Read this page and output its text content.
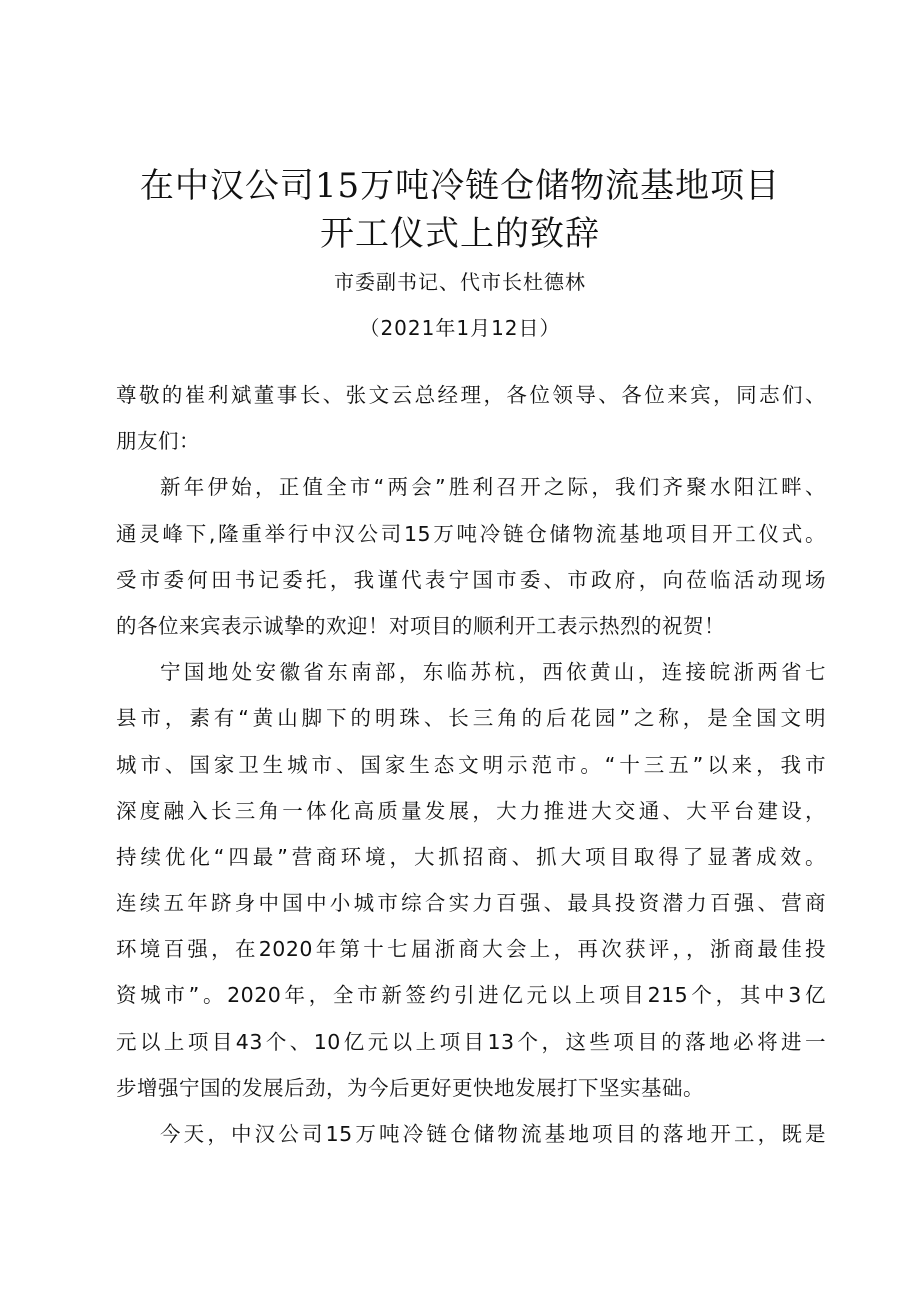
在中汉公司15万吨冷链仓储物流基地项目
开工仪式上的致辞
市委副书记、代市长杜德林
（2021年1月12日）
尊敬的崔利斌董事长、张文云总经理，各位领导、各位来宾，同志们、
朋友们：
新年伊始，正值全市“两会”胜利召开之际，我们齐聚水阳江畔、
通灵峰下,隆重举行中汉公司15万吨冷链仓储物流基地项目开工仪式。
受市委何田书记委托，我谨代表宁国市委、市政府，向莅临活动现场
的各位来宾表示诚挚的欢迎！对项目的顺利开工表示热烈的祝贺！
宁国地处安徽省东南部，东临苏杭，西依黄山，连接皖浙两省七
县市，素有“黄山脚下的明珠、长三角的后花园”之称，是全国文明
城市、国家卫生城市、国家生态文明示范市。“十三五”以来，我市
深度融入长三角一体化高质量发展，大力推进大交通、大平台建设，
持续优化“四最”营商环境，大抓招商、抓大项目取得了显著成效。
连续五年跻身中国中小城市综合实力百强、最具投资潜力百强、营商
环境百强，在2020年第十七届浙商大会上，再次获评，，浙商最佳投
资城市”。2020年，全市新签约引进亿元以上项目215个，其中3亿
元以上项目43个、10亿元以上项目13个，这些项目的落地必将进一
步增强宁国的发展后劲，为今后更好更快地发展打下坚实基础。
今天，中汉公司15万吨冷链仓储物流基地项目的落地开工，既是
